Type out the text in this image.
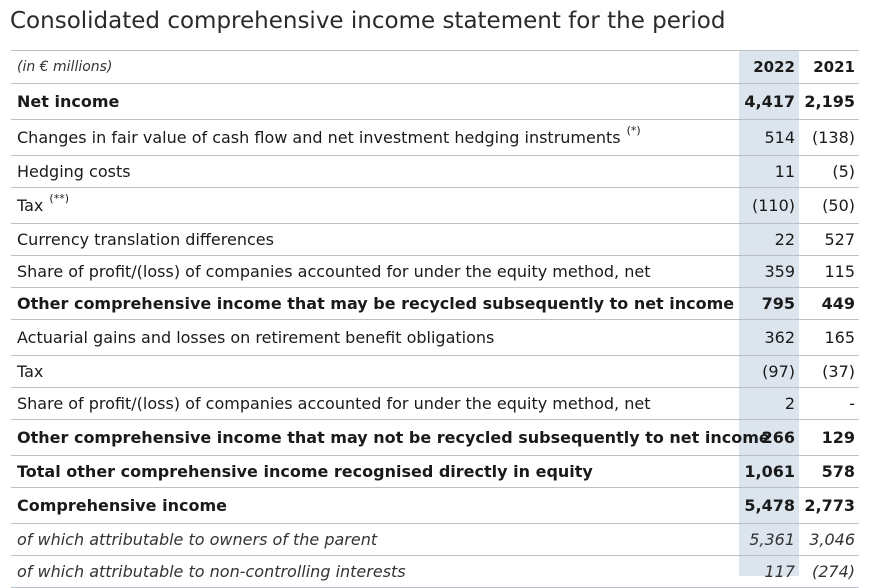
Consolidated comprehensive income statement for the period
(in € millions)	2022	2021
Net income	4,417	2,195
Changes in fair value of cash flow and net investment hedging instruments (*)	514	(138)
Hedging costs	11	(5)
Tax (**)	(110)	(50)
Currency translation differences	22	527
Share of profit/(loss) of companies accounted for under the equity method, net	359	115
Other comprehensive income that may be recycled subsequently to net income	795	449
Actuarial gains and losses on retirement benefit obligations	362	165
Tax	(97)	(37)
Share of profit/(loss) of companies accounted for under the equity method, net	2	-
Other comprehensive income that may not be recycled subsequently to net income	266	129
Total other comprehensive income recognised directly in equity	1,061	578
Comprehensive income	5,478	2,773
of which attributable to owners of the parent	5,361	3,046
of which attributable to non-controlling interests	117	(274)
